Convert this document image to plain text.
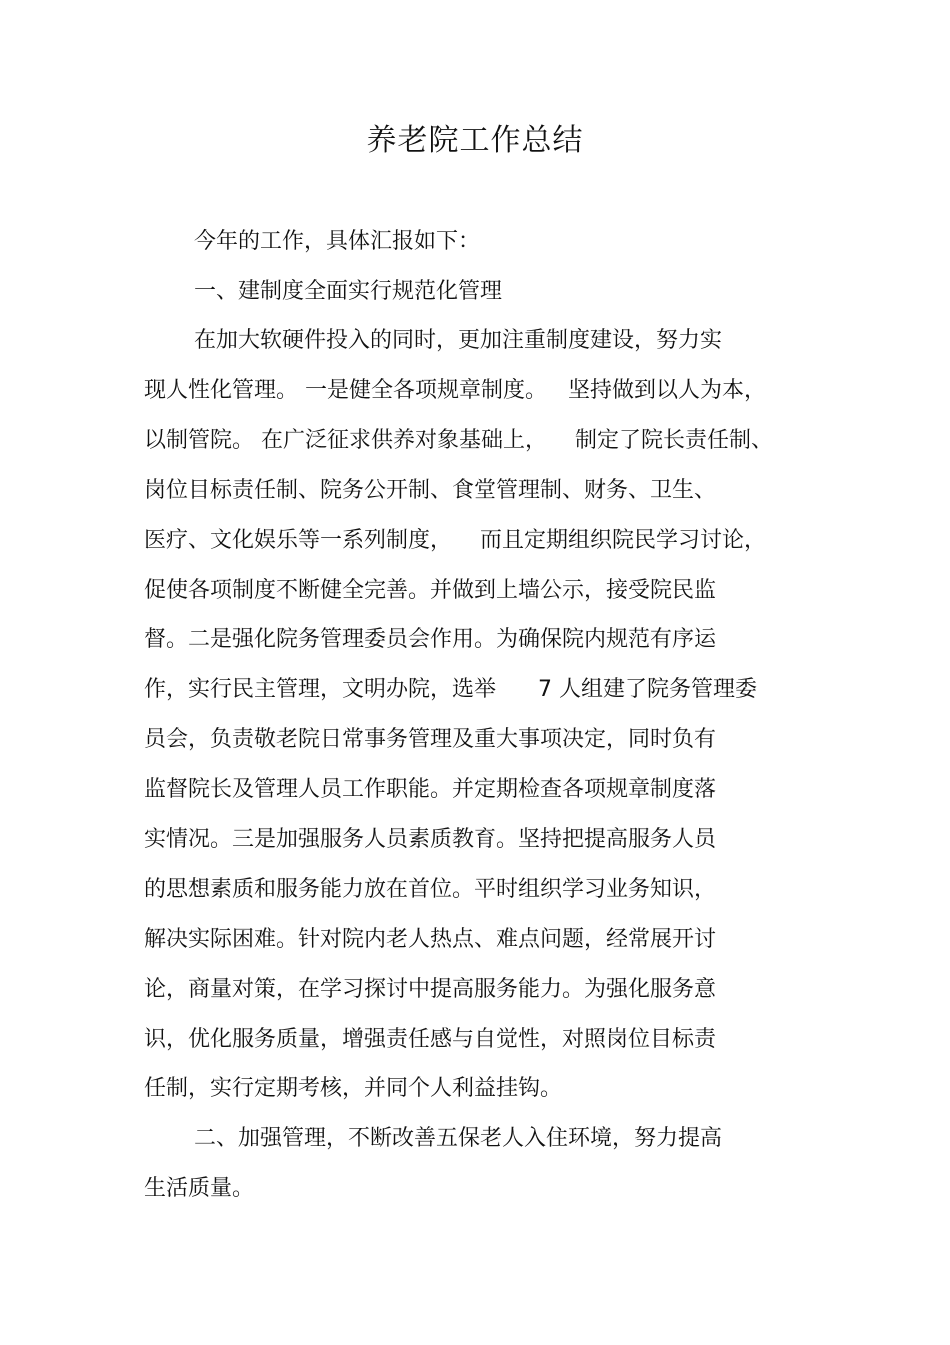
养老院工作总结
今年的工作，具体汇报如下：
一、建制度全面实行规范化管理
在加大软硬件投入的同时，更加注重制度建设，努力实
现人性化管理。 一是健全各项规章制度。   坚持做到以人为本，
以制管院。 在广泛征求供养对象基础上，    制定了院长责任制、
岗位目标责任制、院务公开制、食堂管理制、财务、卫生、
医疗、文化娱乐等一系列制度，    而且定期组织院民学习讨论，
促使各项制度不断健全完善。并做到上墙公示，接受院民监
督。二是强化院务管理委员会作用。为确保院内规范有序运
作，实行民主管理，文明办院，选举      7 人组建了院务管理委
员会，负责敬老院日常事务管理及重大事项决定，同时负有
监督院长及管理人员工作职能。并定期检查各项规章制度落
实情况。三是加强服务人员素质教育。坚持把提高服务人员
的思想素质和服务能力放在首位。平时组织学习业务知识，
解决实际困难。针对院内老人热点、难点问题，经常展开讨
论，商量对策，在学习探讨中提高服务能力。为强化服务意
识，优化服务质量，增强责任感与自觉性，对照岗位目标责
任制，实行定期考核，并同个人利益挂钩。
二、加强管理，不断改善五保老人入住环境，努力提高
生活质量。
